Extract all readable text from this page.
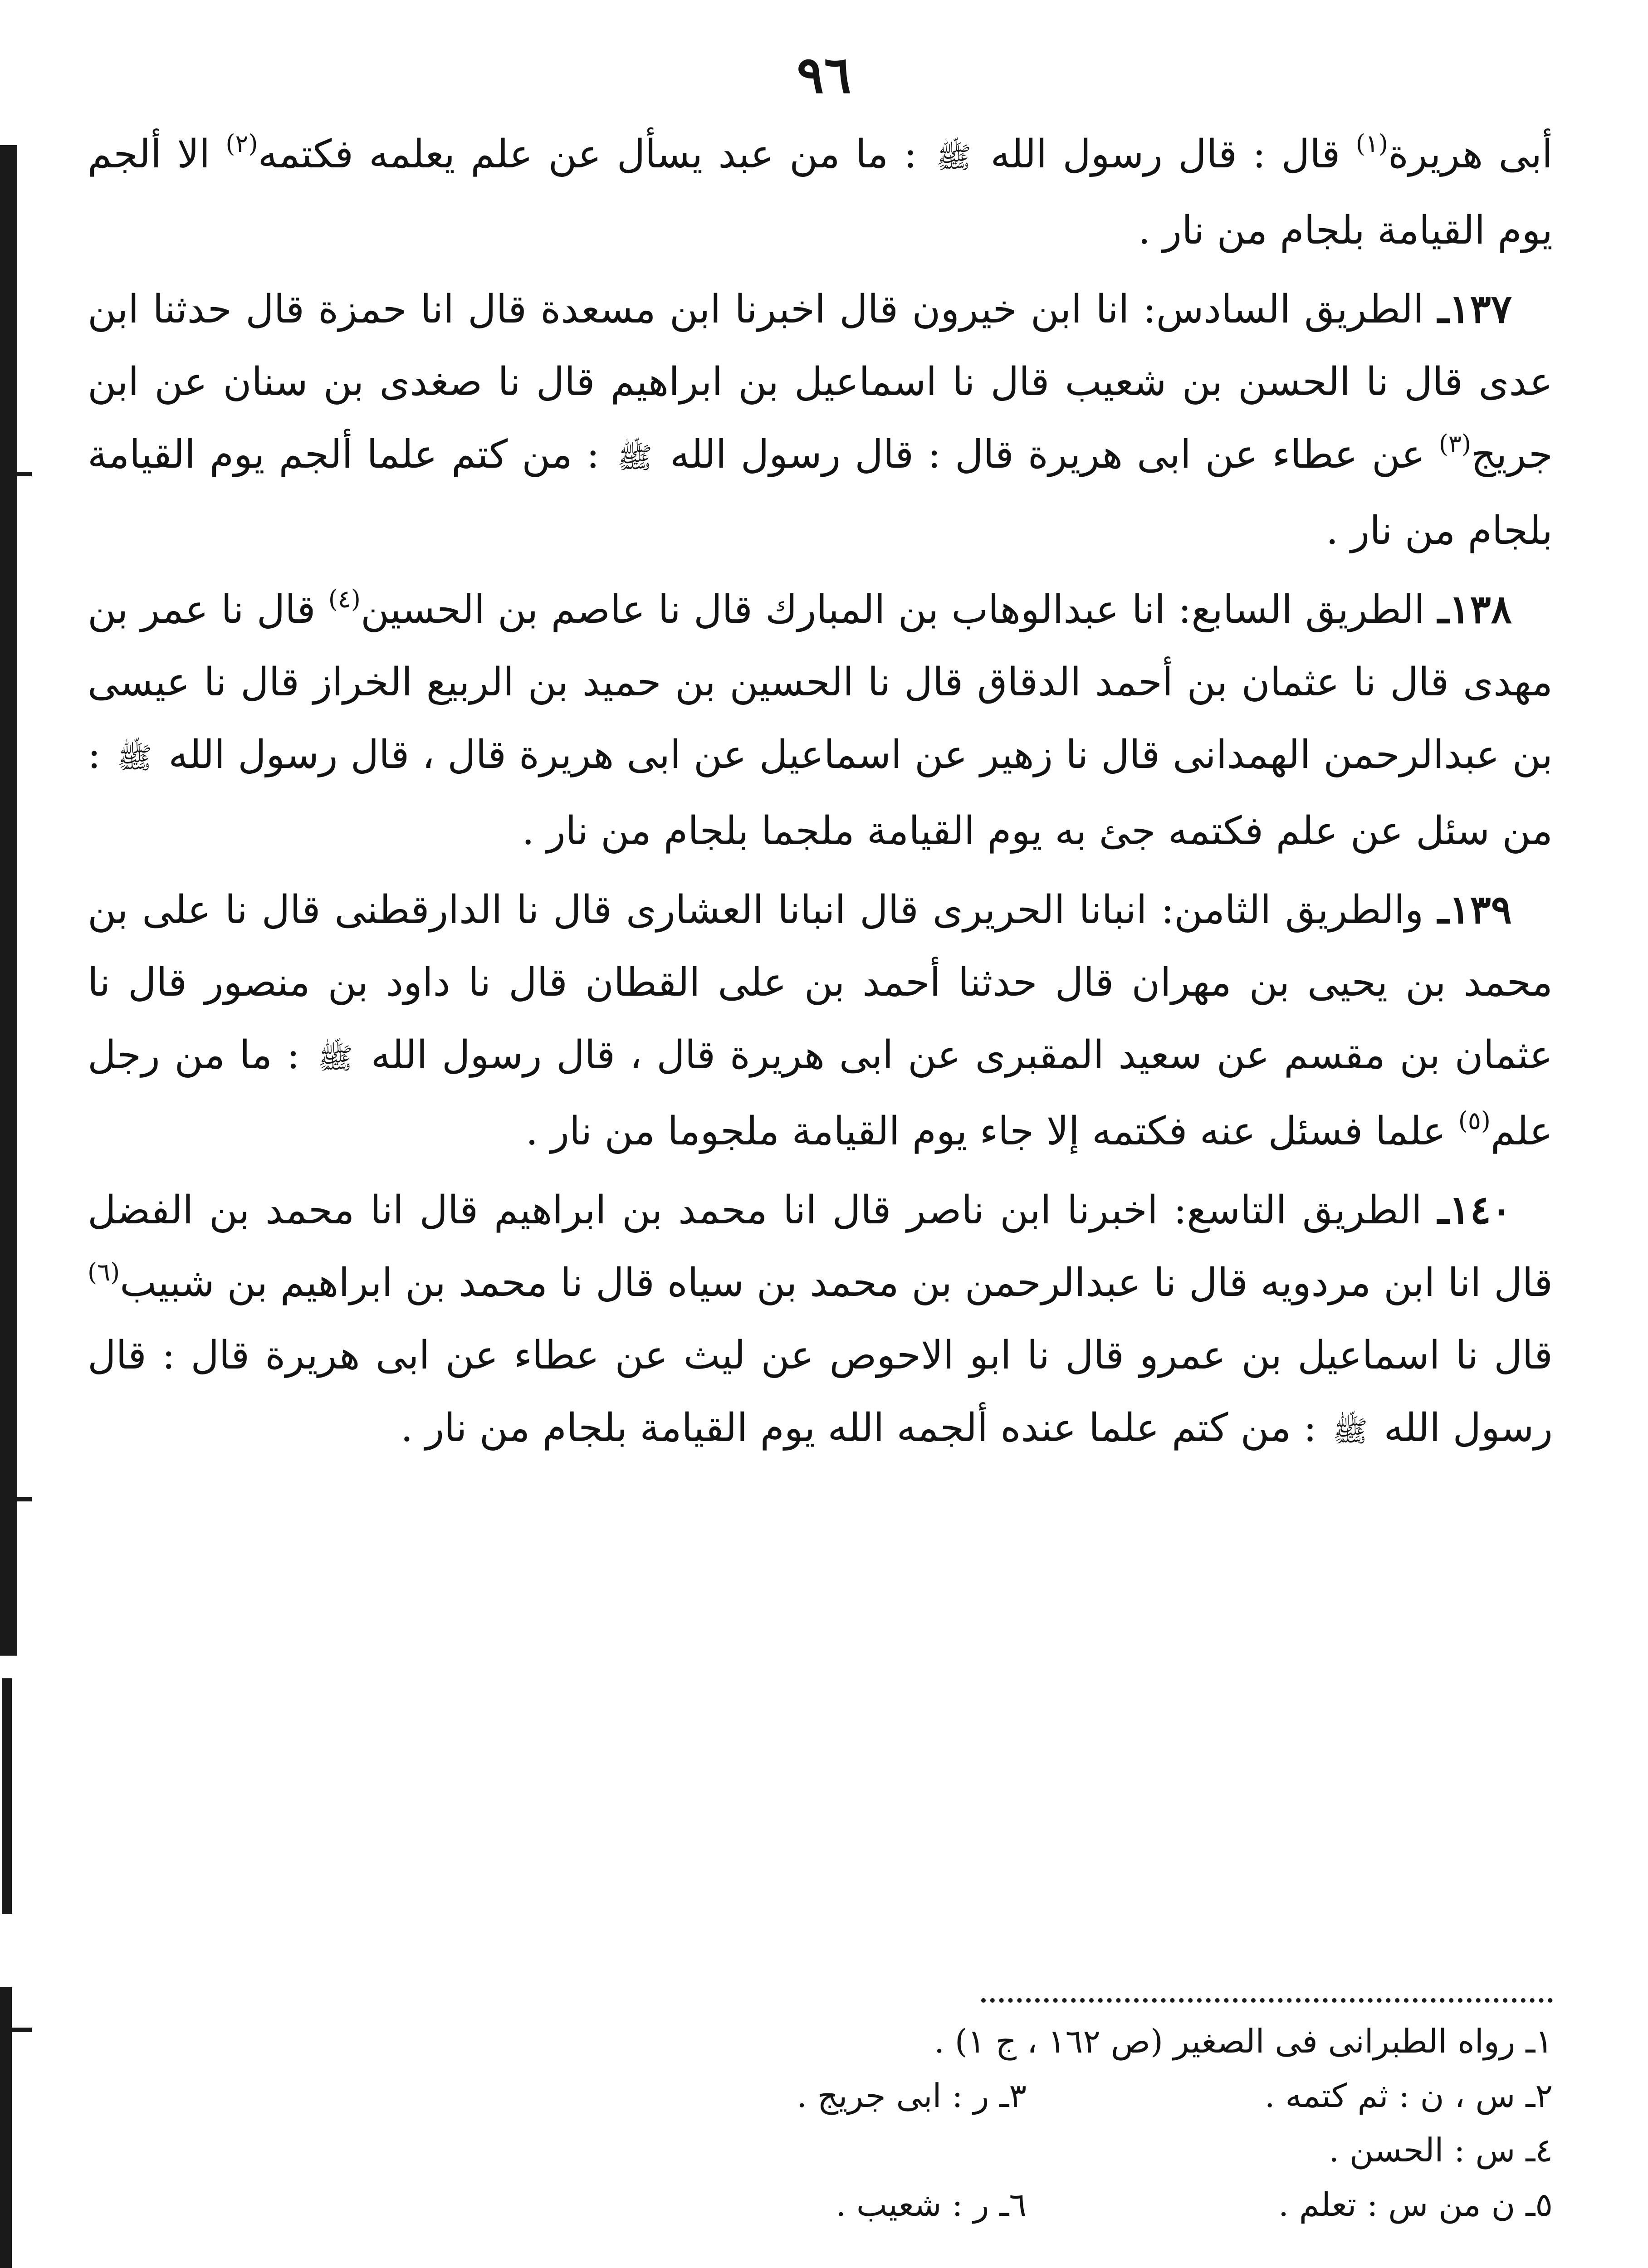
٩٦

أبى هريرة$^{(١)}$ قال : قال رسول الله ﷺ : ما من عبد يسأل عن علم يعلمه فكتمه$^{(٢)}$ الا ألجم يوم القيامة بلجام من نار .

١٣٧ـ الطريق السادس: انا ابن خيرون قال اخبرنا ابن مسعدة قال انا حمزة قال حدثنا ابن عدى قال نا الحسن بن شعيب قال نا اسماعيل بن ابراهيم قال نا صغدى بن سنان عن ابن جريج$^{(٣)}$ عن عطاء عن ابى هريرة قال : قال رسول الله ﷺ : من كتم علما ألجم يوم القيامة بلجام من نار .

١٣٨ـ الطريق السابع: انا عبدالوهاب بن المبارك قال نا عاصم بن الحسين$^{(٤)}$ قال نا عمر بن مهدى قال نا عثمان بن أحمد الدقاق قال نا الحسين بن حميد بن الربيع الخراز قال نا عيسى بن عبدالرحمن الهمدانى قال نا زهير عن اسماعيل عن ابى هريرة قال ، قال رسول الله ﷺ : من سئل عن علم فكتمه جئ به يوم القيامة ملجما بلجام من نار .

١٣٩ـ والطريق الثامن: انبانا الحريرى قال انبانا العشارى قال نا الدارقطنى قال نا على بن محمد بن يحيى بن مهران قال حدثنا أحمد بن على القطان قال نا داود بن منصور قال نا عثمان بن مقسم عن سعيد المقبرى عن ابى هريرة قال ، قال رسول الله ﷺ : ما من رجل علم$^{(٥)}$ علما فسئل عنه فكتمه إلا جاء يوم القيامة ملجوما من نار .

١٤٠ـ الطريق التاسع: اخبرنا ابن ناصر قال انا محمد بن ابراهيم قال انا محمد بن الفضل قال انا ابن مردويه قال نا عبدالرحمن بن محمد بن سياه قال نا محمد بن ابراهيم بن شبيب$^{(٦)}$ قال نا اسماعيل بن عمرو قال نا ابو الاحوص عن ليث عن عطاء عن ابى هريرة قال : قال رسول الله ﷺ : من كتم علما عنده ألجمه الله يوم القيامة بلجام من نار .

١ـ رواه الطبرانى فى الصغير (ص ١٦٢ ، ج ١) .
٢ـ س ، ن : ثم كتمه .
٣ـ ر : ابى جريج .
٤ـ س : الحسن .
٥ـ ن من س : تعلم .
٦ـ ر : شعيب .
